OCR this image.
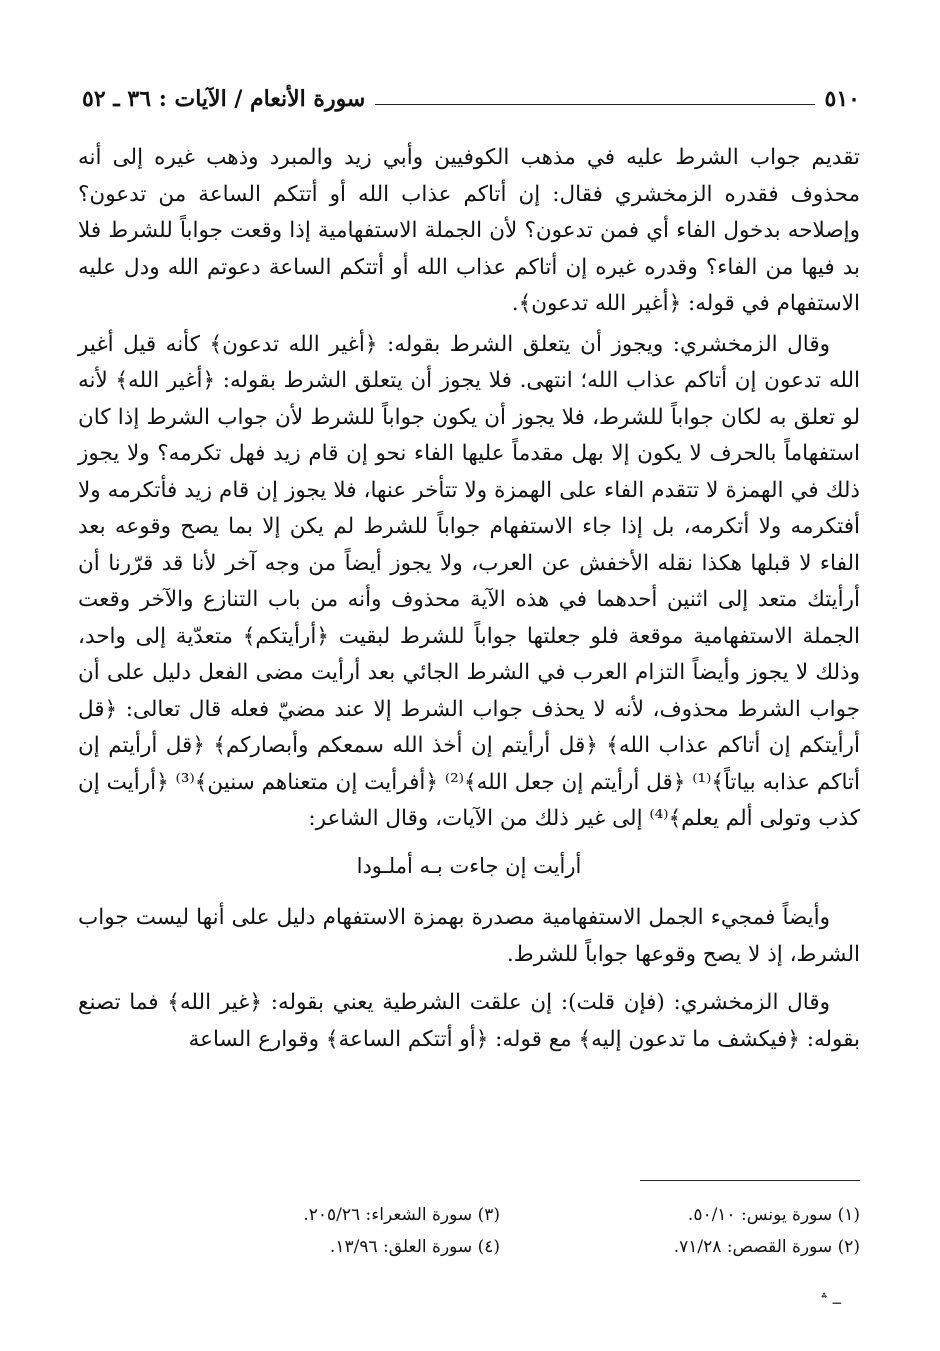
٥١٠
سورة الأنعام / الآيات : ٣٦ ـ ٥٢

تقديم جواب الشرط عليه في مذهب الكوفيين وأبي زيد والمبرد وذهب غيره إلى أنه محذوف فقدره الزمخشري فقال: إن أتاكم عذاب الله أو أتتكم الساعة من تدعون؟ وإصلاحه بدخول الفاء أي فمن تدعون؟ لأن الجملة الاستفهامية إذا وقعت جواباً للشرط فلا بد فيها من الفاء؟ وقدره غيره إن أتاكم عذاب الله أو أتتكم الساعة دعوتم الله ودل عليه الاستفهام في قوله: ﴿أغير الله تدعون﴾.

وقال الزمخشري: ويجوز أن يتعلق الشرط بقوله: ﴿أغير الله تدعون﴾ كأنه قيل أغير الله تدعون إن أتاكم عذاب الله؛ انتهى. فلا يجوز أن يتعلق الشرط بقوله: ﴿أغير الله﴾ لأنه لو تعلق به لكان جواباً للشرط، فلا يجوز أن يكون جواباً للشرط لأن جواب الشرط إذا كان استفهاماً بالحرف لا يكون إلا بهل مقدماً عليها الفاء نحو إن قام زيد فهل تكرمه؟ ولا يجوز ذلك في الهمزة لا تتقدم الفاء على الهمزة ولا تتأخر عنها، فلا يجوز إن قام زيد فأتكرمه ولا أفتكرمه ولا أتكرمه، بل إذا جاء الاستفهام جواباً للشرط لم يكن إلا بما يصح وقوعه بعد الفاء لا قبلها هكذا نقله الأخفش عن العرب، ولا يجوز أيضاً من وجه آخر لأنا قد قرّرنا أن أرأيتك متعد إلى اثنين أحدهما في هذه الآية محذوف وأنه من باب التنازع والآخر وقعت الجملة الاستفهامية موقعة فلو جعلتها جواباً للشرط لبقيت ﴿أرأيتكم﴾ متعدّية إلى واحد، وذلك لا يجوز وأيضاً التزام العرب في الشرط الجائي بعد أرأيت مضى الفعل دليل على أن جواب الشرط محذوف، لأنه لا يحذف جواب الشرط إلا عند مضيّ فعله قال تعالى: ﴿قل أرأيتكم إن أتاكم عذاب الله﴾ ﴿قل أرأيتم إن أخذ الله سمعكم وأبصاركم﴾ ﴿قل أرأيتم إن أتاكم عذابه بياتاً﴾⁽¹⁾ ﴿قل أرأيتم إن جعل الله﴾⁽²⁾ ﴿أفرأيت إن متعناهم سنين﴾⁽³⁾ ﴿أرأيت إن كذب وتولى ألم يعلم﴾⁽⁴⁾ إلى غير ذلك من الآيات، وقال الشاعر:

أرأيت إن جاءت بـه أملـودا

وأيضاً فمجيء الجمل الاستفهامية مصدرة بهمزة الاستفهام دليل على أنها ليست جواب الشرط، إذ لا يصح وقوعها جواباً للشرط.

وقال الزمخشري: (فإن قلت): إن علقت الشرطية يعني بقوله: ﴿غير الله﴾ فما تصنع بقوله: ﴿فيكشف ما تدعون إليه﴾ مع قوله: ﴿أو أتتكم الساعة﴾ وقوارع الساعة

(١) سورة يونس: ٥٠/١٠.
(٣) سورة الشعراء: ٢٠٥/٢٦.
(٢) سورة القصص: ٧١/٢٨.
(٤) سورة العلق: ١٣/٩٦.
ـ ؞
